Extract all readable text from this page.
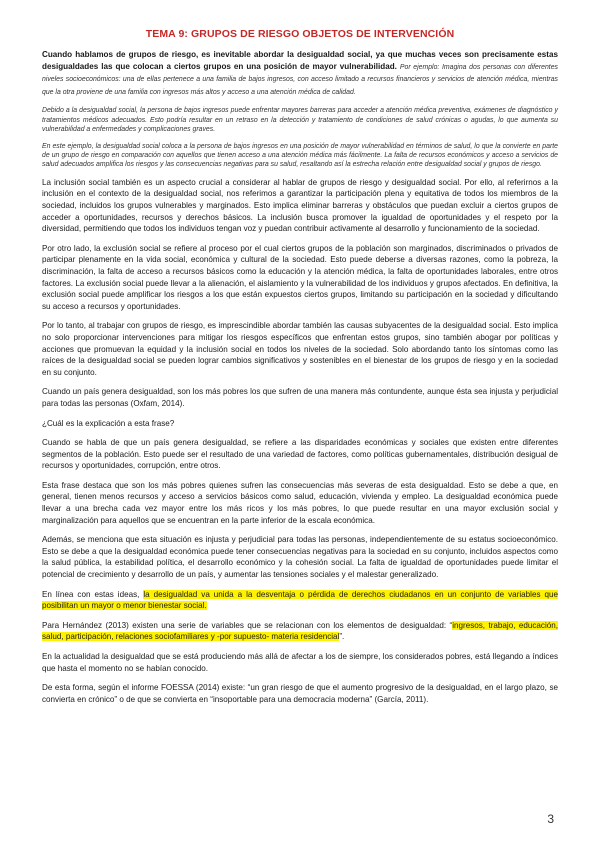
TEMA 9: GRUPOS DE RIESGO OBJETOS DE INTERVENCIÓN

Cuando hablamos de grupos de riesgo, es inevitable abordar la desigualdad social, ya que muchas veces son precisamente estas desigualdades las que colocan a ciertos grupos en una posición de mayor vulnerabilidad. Por ejemplo: Imagina dos personas con diferentes niveles socioeconómicos: una de ellas pertenece a una familia de bajos ingresos, con acceso limitado a recursos financieros y servicios de atención médica, mientras que la otra proviene de una familia con ingresos más altos y acceso a una atención médica de calidad.

Debido a la desigualdad social, la persona de bajos ingresos puede enfrentar mayores barreras para acceder a atención médica preventiva, exámenes de diagnóstico y tratamientos médicos adecuados. Esto podría resultar en un retraso en la detección y tratamiento de condiciones de salud crónicas o agudas, lo que aumenta su vulnerabilidad a enfermedades y complicaciones graves.

En este ejemplo, la desigualdad social coloca a la persona de bajos ingresos en una posición de mayor vulnerabilidad en términos de salud, lo que la convierte en parte de un grupo de riesgo en comparación con aquellos que tienen acceso a una atención médica más fácilmente. La falta de recursos económicos y acceso a servicios de salud adecuados amplifica los riesgos y las consecuencias negativas para su salud, resaltando así la estrecha relación entre desigualdad social y grupos de riesgo.

La inclusión social también es un aspecto crucial a considerar al hablar de grupos de riesgo y desigualdad social. Por ello, al referirnos a la inclusión en el contexto de la desigualdad social, nos referimos a garantizar la participación plena y equitativa de todos los miembros de la sociedad, incluidos los grupos vulnerables y marginados. Esto implica eliminar barreras y obstáculos que puedan excluir a ciertos grupos de acceder a oportunidades, recursos y derechos básicos. La inclusión busca promover la igualdad de oportunidades y el respeto por la diversidad, permitiendo que todos los individuos tengan voz y puedan contribuir activamente al desarrollo y funcionamiento de la sociedad.

Por otro lado, la exclusión social se refiere al proceso por el cual ciertos grupos de la población son marginados, discriminados o privados de participar plenamente en la vida social, económica y cultural de la sociedad. Esto puede deberse a diversas razones, como la pobreza, la discriminación, la falta de acceso a recursos básicos como la educación y la atención médica, la falta de oportunidades laborales, entre otros factores. La exclusión social puede llevar a la alienación, el aislamiento y la vulnerabilidad de los individuos y grupos afectados. En definitiva, la exclusión social puede amplificar los riesgos a los que están expuestos ciertos grupos, limitando su participación en la sociedad y dificultando su acceso a recursos y oportunidades.

Por lo tanto, al trabajar con grupos de riesgo, es imprescindible abordar también las causas subyacentes de la desigualdad social. Esto implica no solo proporcionar intervenciones para mitigar los riesgos específicos que enfrentan estos grupos, sino también abogar por políticas y acciones que promuevan la equidad y la inclusión social en todos los niveles de la sociedad. Solo abordando tanto los síntomas como las raíces de la desigualdad social se pueden lograr cambios significativos y sostenibles en el bienestar de los grupos de riesgo y en la sociedad en su conjunto.

Cuando un país genera desigualdad, son los más pobres los que sufren de una manera más contundente, aunque ésta sea injusta y perjudicial para todas las personas (Oxfam, 2014).

¿Cuál es la explicación a esta frase?

Cuando se habla de que un país genera desigualdad, se refiere a las disparidades económicas y sociales que existen entre diferentes segmentos de la población. Esto puede ser el resultado de una variedad de factores, como políticas gubernamentales, distribución desigual de recursos y oportunidades, corrupción, entre otros.

Esta frase destaca que son los más pobres quienes sufren las consecuencias más severas de esta desigualdad. Esto se debe a que, en general, tienen menos recursos y acceso a servicios básicos como salud, educación, vivienda y empleo. La desigualdad económica puede llevar a una brecha cada vez mayor entre los más ricos y los más pobres, lo que puede resultar en una mayor exclusión social y marginalización para aquellos que se encuentran en la parte inferior de la escala económica.

Además, se menciona que esta situación es injusta y perjudicial para todas las personas, independientemente de su estatus socioeconómico. Esto se debe a que la desigualdad económica puede tener consecuencias negativas para la sociedad en su conjunto, incluidos aspectos como la salud pública, la estabilidad política, el desarrollo económico y la cohesión social. La falta de igualdad de oportunidades puede limitar el potencial de crecimiento y desarrollo de un país, y aumentar las tensiones sociales y el malestar generalizado.

En línea con estas ideas, la desigualdad va unida a la desventaja o pérdida de derechos ciudadanos en un conjunto de variables que posibilitan un mayor o menor bienestar social.

Para Hernández (2013) existen una serie de variables que se relacionan con los elementos de desigualdad: “ingresos, trabajo, educación, salud, participación, relaciones sociofamiliares y -por supuesto- materia residencial”.

En la actualidad la desigualdad que se está produciendo más allá de afectar a los de siempre, los considerados pobres, está llegando a índices que hasta el momento no se habían conocido.

De esta forma, según el informe FOESSA (2014) existe: “un gran riesgo de que el aumento progresivo de la desigualdad, en el largo plazo, se convierta en crónico” o de que se convierta en “insoportable para una democracia moderna” (García, 2011).

3
